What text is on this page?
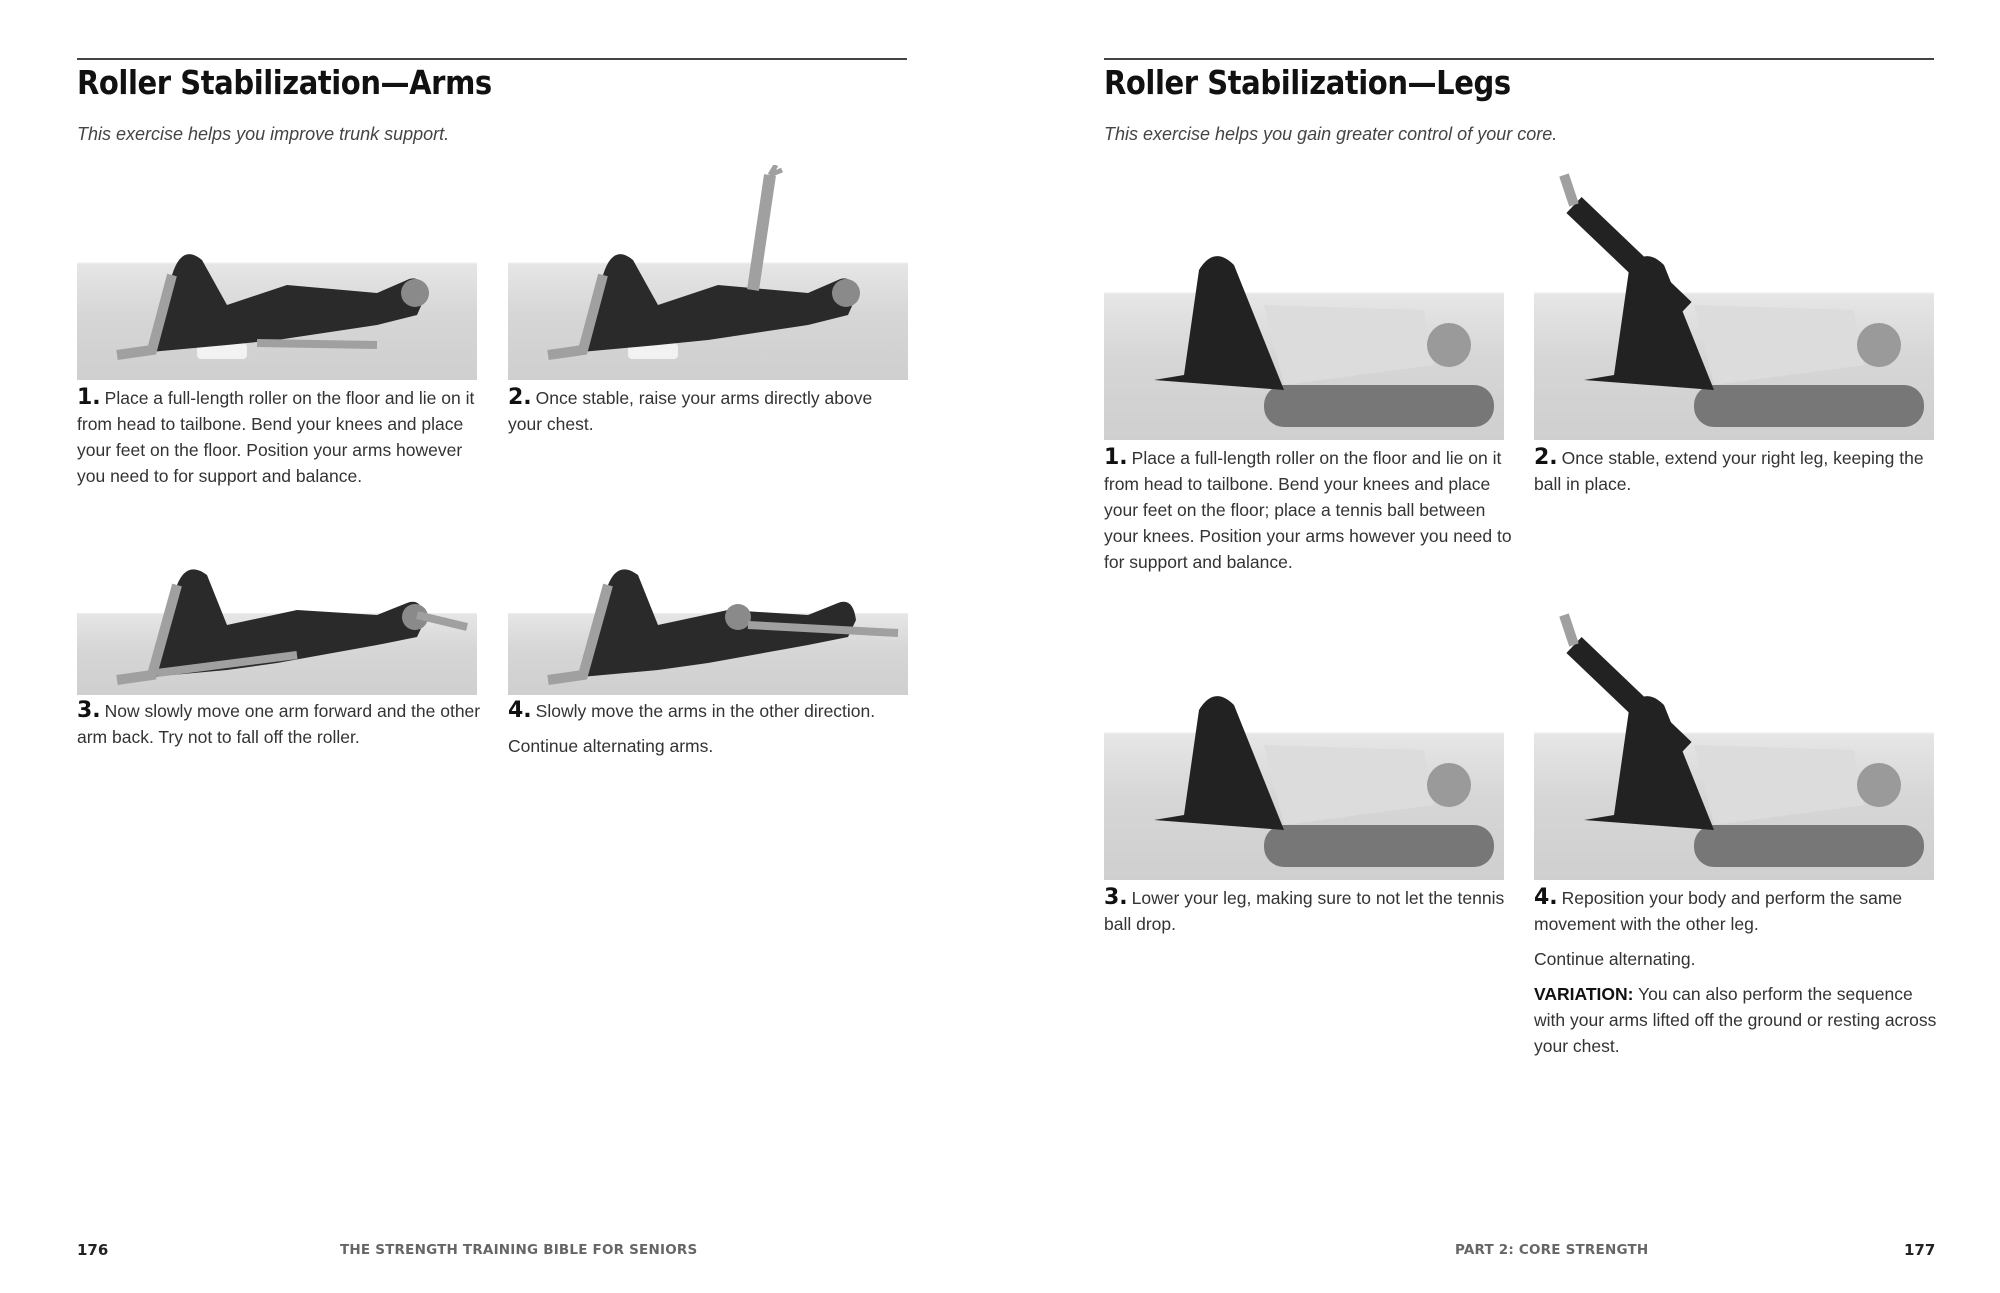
Roller Stabilization—Arms
This exercise helps you improve trunk support.
1. Place a full-length roller on the floor and lie on it from head to tailbone. Bend your knees and place your feet on the floor. Position your arms however you need to for support and balance.
2. Once stable, raise your arms directly above your chest.
3. Now slowly move one arm forward and the other arm back. Try not to fall off the roller.
4. Slowly move the arms in the other direction.

Continue alternating arms.

176	THE STRENGTH TRAINING BIBLE FOR SENIORS
Roller Stabilization—Legs
This exercise helps you gain greater control of your core.
1. Place a full-length roller on the floor and lie on it from head to tailbone. Bend your knees and place your feet on the floor; place a tennis ball between your knees. Position your arms however you need to for support and balance.
2. Once stable, extend your right leg, keeping the ball in place.
3. Lower your leg, making sure to not let the tennis ball drop.
4. Reposition your body and perform the same movement with the other leg.

Continue alternating.

VARIATION: You can also perform the sequence with your arms lifted off the ground or resting across your chest.

PART 2: CORE STRENGTH	177
